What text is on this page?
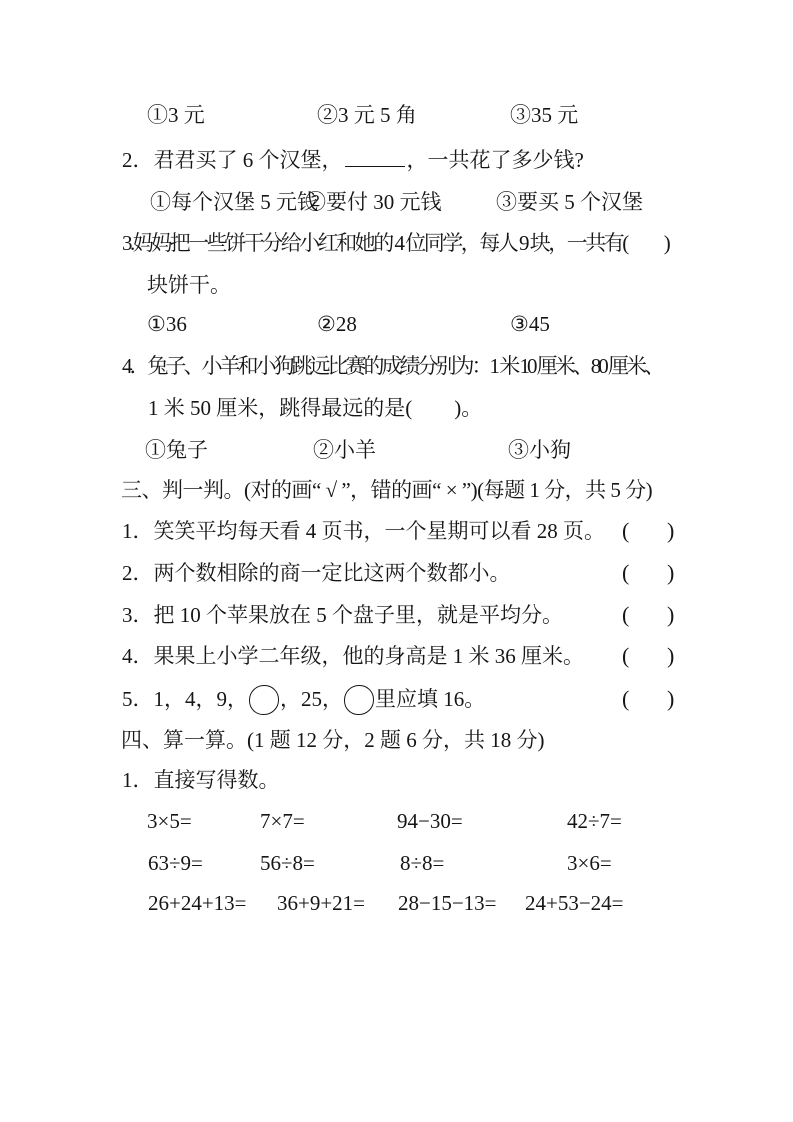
①3 元	②3 元 5 角	③35 元
2．君君买了 6 个汉堡，	，一共花了多少钱?
①每个汉堡 5 元钱
②要付 30 元钱	③要买 5 个汉堡
3.妈妈把一些饼干分给小红和她的 4 位同学，每人 9 块，一共有(　　)
块饼干。
①36	②28	③45
4．兔子、小羊和小狗跳远比赛的成绩分别为：1 米 10 厘米、80 厘米、
1 米 50 厘米，跳得最远的是(　　)。
①兔子	②小羊	③小狗
三、判一判。(对的画“ √ ”，错的画“ × ”)(每题 1 分，共 5 分)
1．笑笑平均每天看 4 页书，一个星期可以看 28 页。 ( )
2．两个数相除的商一定比这两个数都小。	( )
3．把 10 个苹果放在 5 个盘子里，就是平均分。	( )
4．果果上小学二年级，他的身高是 1 米 36 厘米。 ( )
5．1，4，9， ，25， 里应填 16。	( )
四、算一算。(1 题 12 分，2 题 6 分，共 18 分)
1．直接写得数。
3×5=	7×7=	94−30=	42÷7=
63÷9=	56÷8=	8÷8=	3×6=
26+24+13= 36+9+21= 28−15−13= 24+53−24=
